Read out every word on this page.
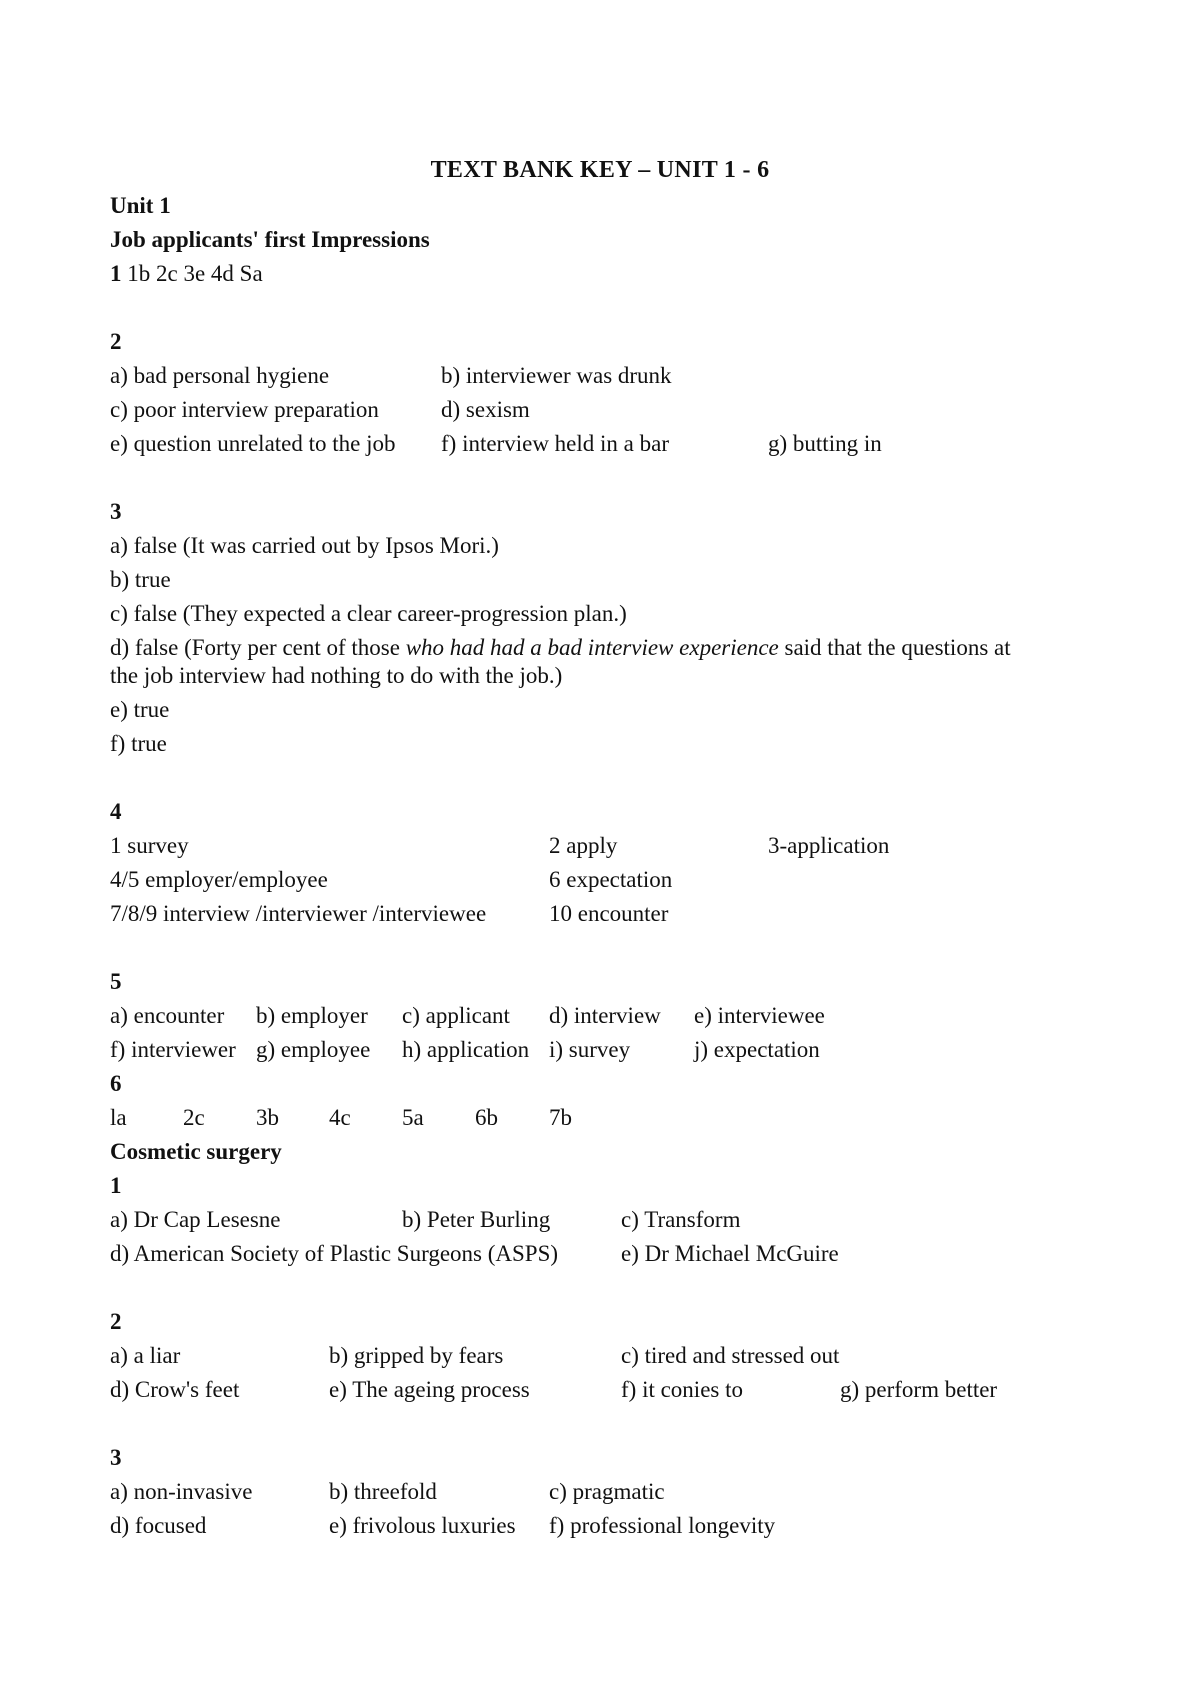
TEXT BANK KEY – UNIT 1 - 6
Unit 1
Job applicants' first Impressions
1 1b 2c 3e 4d Sa
2
a) bad personal hygiene	b) interviewer was drunk
c) poor interview preparation	d) sexism
e) question unrelated to the job f) interview held in a bar	g) butting in
3
a) false (It was carried out by Ipsos Mori.)
b) true
c) false (They expected a clear career-progression plan.)
d) false (Forty per cent of those who had had a bad interview experience said that the questions at
the job interview had nothing to do with the job.)
e) true
f) true
4
1 survey	2 apply	3-application
4/5 employer/employee	6 expectation
7/8/9 interview /interviewer /interviewee	10 encounter
5
a) encounter b) employer c) applicant d) interview e) interviewee
f) interviewer g) employee h) application i) survey	j) expectation
6
la 2c 3b 4c 5a 6b 7b
Cosmetic surgery
1
a) Dr Cap Lesesne	b) Peter Burling	c) Transform
d) American Society of Plastic Surgeons (ASPS)	e) Dr Michael McGuire
2
a) a liar	b) gripped by fears	c) tired and stressed out
d) Crow's feet	e) The ageing process	f) it conies to	g) perform better
3
a) non-invasive	b) threefold	c) pragmatic
d) focused	e) frivolous luxuries f) professional longevity
